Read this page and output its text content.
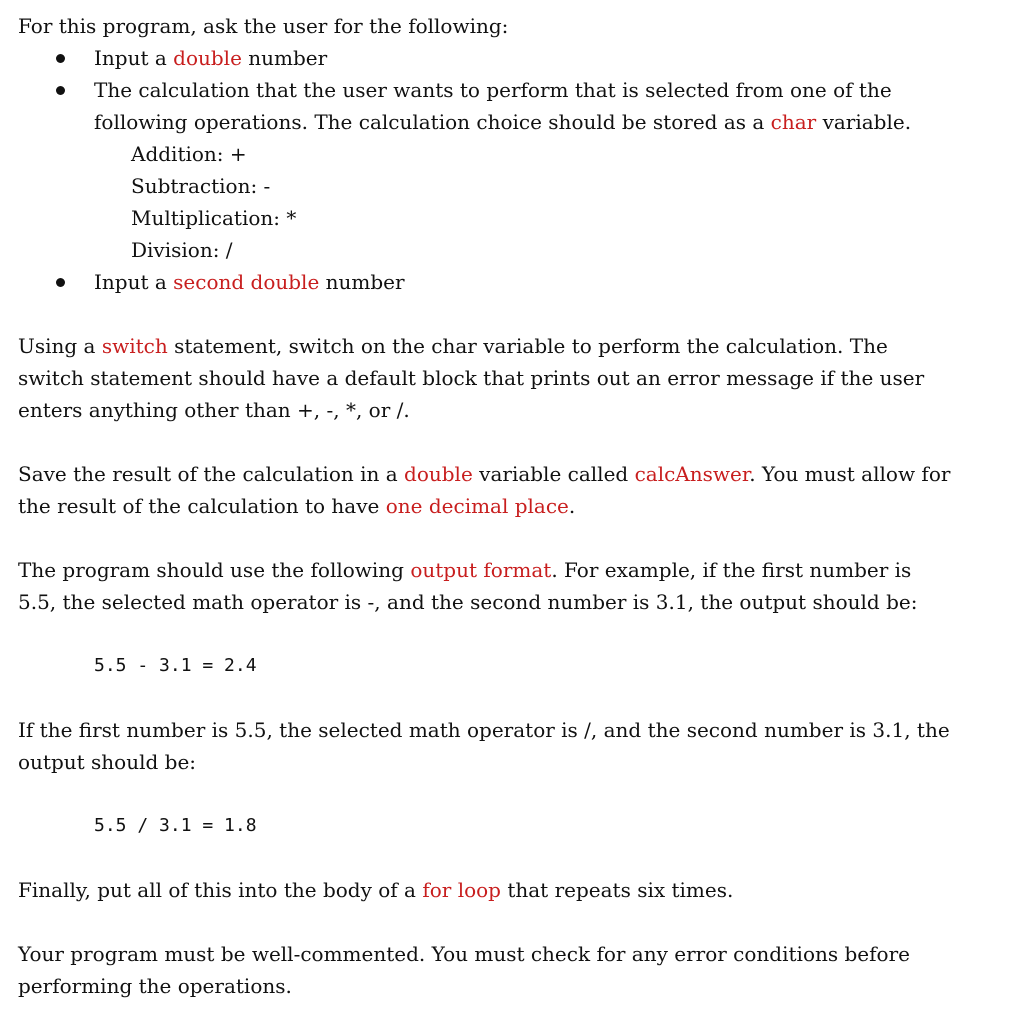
For this program, ask the user for the following:
Input a double number
The calculation that the user wants to perform that is selected from one of the
following operations. The calculation choice should be stored as a char variable.
Addition: +
Subtraction: -
Multiplication: *
Division: /
Input a second double number
Using a switch statement, switch on the char variable to perform the calculation. The
switch statement should have a default block that prints out an error message if the user
enters anything other than +, -, *, or /.
Save the result of the calculation in a double variable called calcAnswer. You must allow for
the result of the calculation to have one decimal place.
The program should use the following output format. For example, if the first number is
5.5, the selected math operator is -, and the second number is 3.1, the output should be:
5.5 - 3.1 = 2.4
If the first number is 5.5, the selected math operator is /, and the second number is 3.1, the
output should be:
5.5 / 3.1 = 1.8
Finally, put all of this into the body of a for loop that repeats six times.
Your program must be well-commented. You must check for any error conditions before
performing the operations.
